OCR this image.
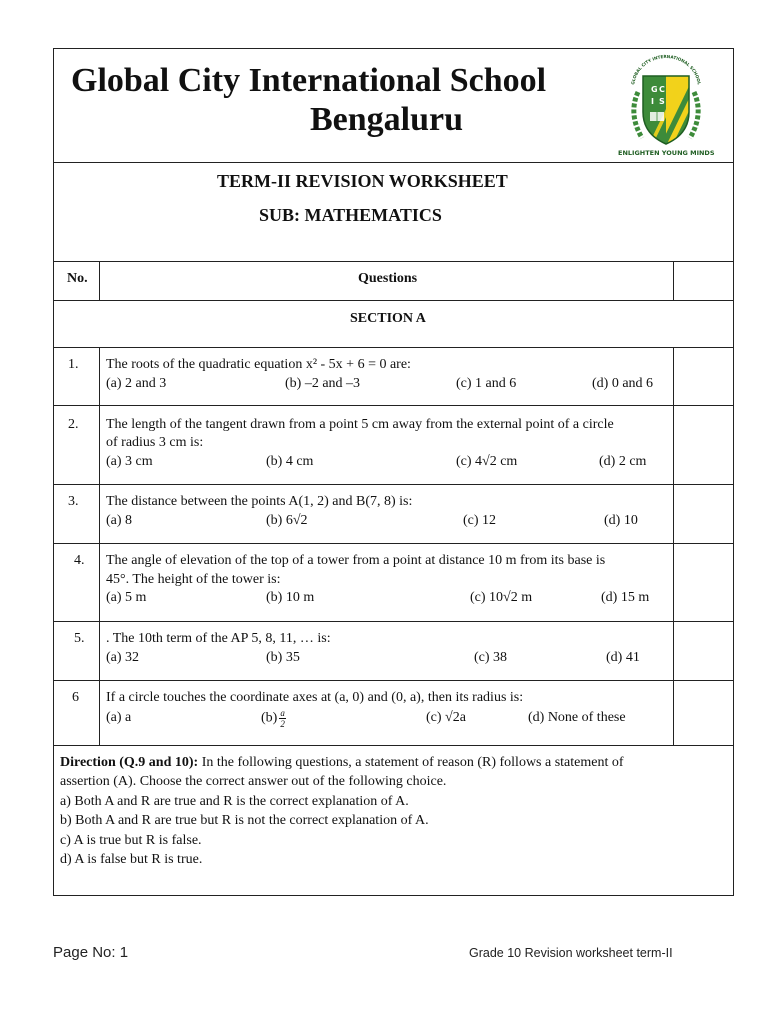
Global City International School
Bengaluru
GLOBAL CITY INTERNATIONAL SCHOOL
G C
I S
ENLIGHTEN YOUNG MINDS
TERM-II REVISION WORKSHEET
SUB: MATHEMATICS
No.	Questions
SECTION A
1. The roots of the quadratic equation x² - 5x + 6 = 0 are:
(a) 2 and 3	(b) –2 and –3	(c) 1 and 6	(d) 0 and 6
2. The length of the tangent drawn from a point 5 cm away from the external point of a circle
of radius 3 cm is:
(a) 3 cm	(b) 4 cm	(c) 4√2 cm	(d) 2 cm
3. The distance between the points A(1, 2) and B(7, 8) is:
(a) 8	(b) 6√2	(c) 12	(d) 10
4. The angle of elevation of the top of a tower from a point at distance 10 m from its base is
45°. The height of the tower is:
(a) 5 m	(b) 10 m	(c) 10√2 m	(d) 15 m
5. . The 10th term of the AP 5, 8, 11, … is:
(a) 32	(b) 35	(c) 38	(d) 41
6 If a circle touches the coordinate axes at (a, 0) and (0, a), then its radius is:
(a) a	$(b) \frac{a}{2}$	(c) √2a	(d) None of these
Direction (Q.9 and 10): In the following questions, a statement of reason (R) follows a statement of
assertion (A). Choose the correct answer out of the following choice.
a) Both A and R are true and R is the correct explanation of A.
b) Both A and R are true but R is not the correct explanation of A.
c) A is true but R is false.
d) A is false but R is true.
Page No: 1	Grade 10 Revision worksheet term-II
